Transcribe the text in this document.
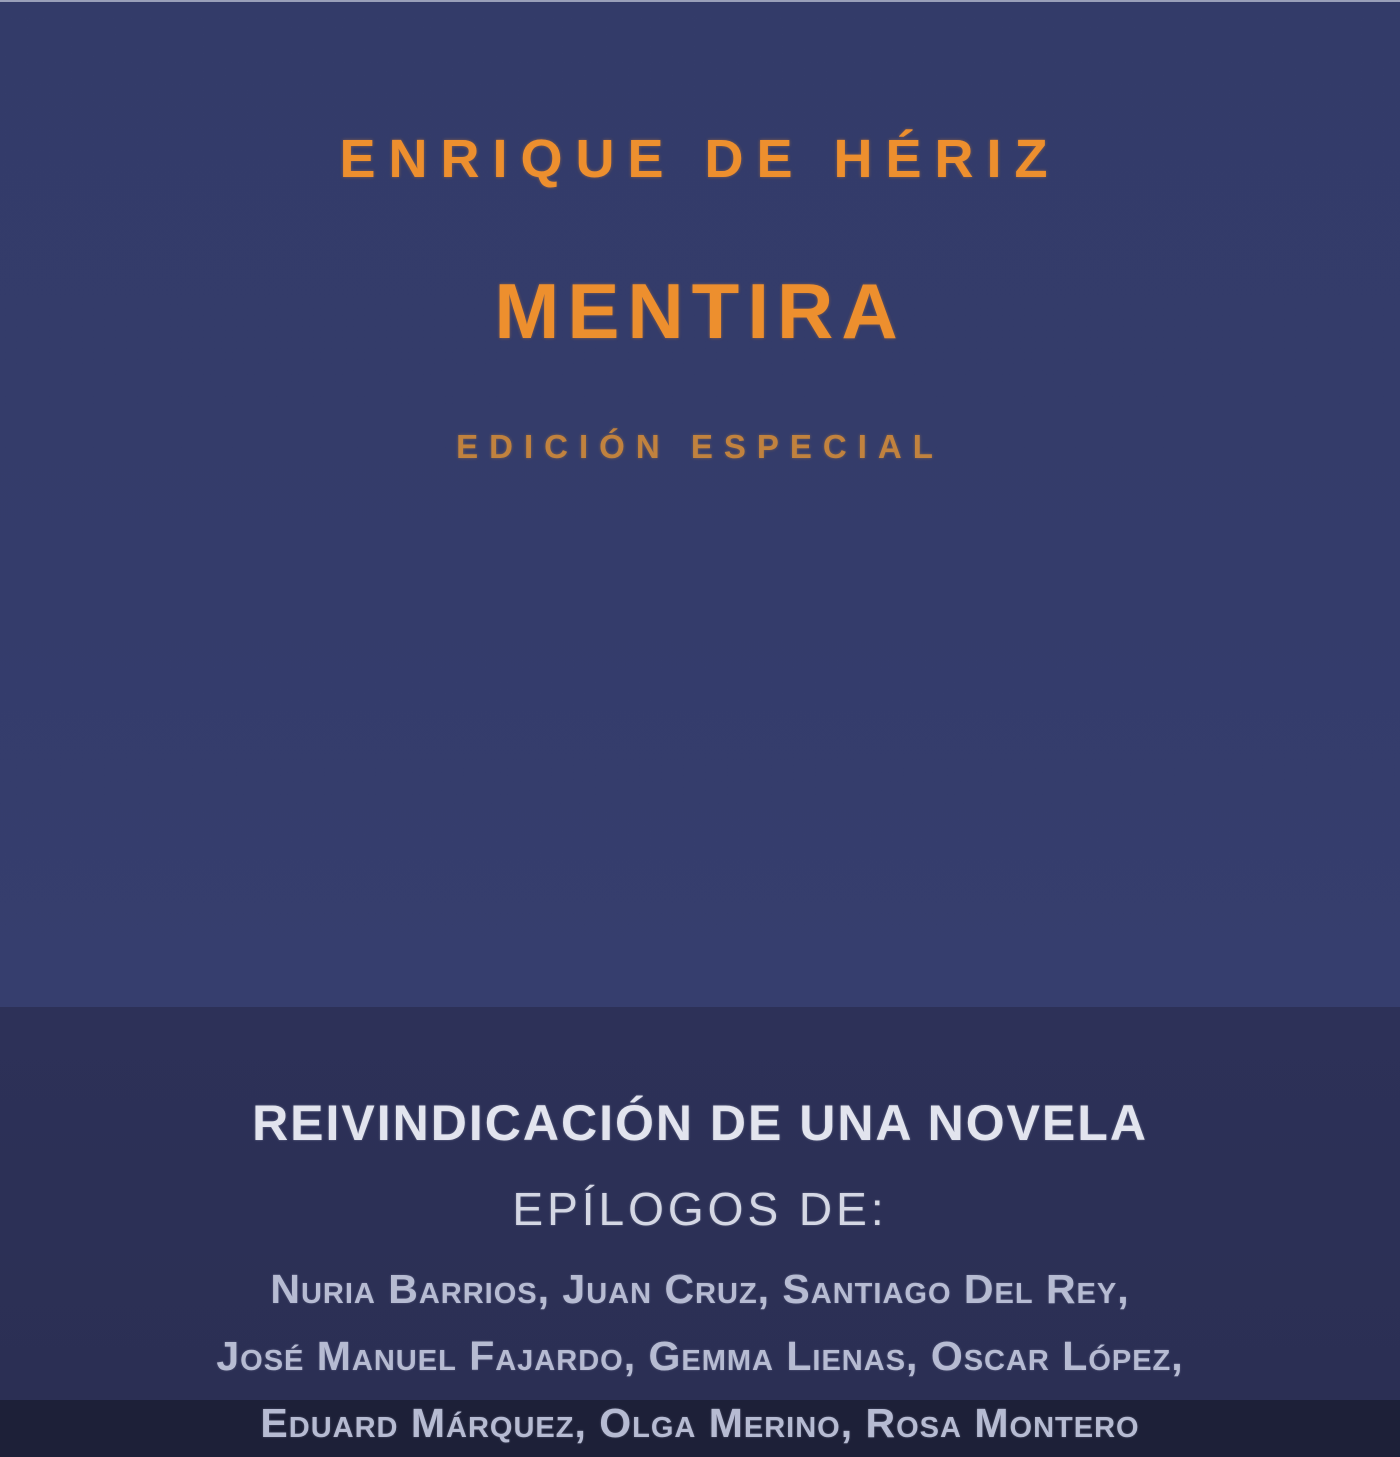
ENRIQUE DE HÉRIZ
MENTIRA
EDICIÓN ESPECIAL
REIVINDICACIÓN DE UNA NOVELA
EPÍLOGOS DE:
Nuria Barrios, Juan Cruz, Santiago Del Rey,
José Manuel Fajardo, Gemma Lienas, Oscar López,
Eduard Márquez, Olga Merino, Rosa Montero
